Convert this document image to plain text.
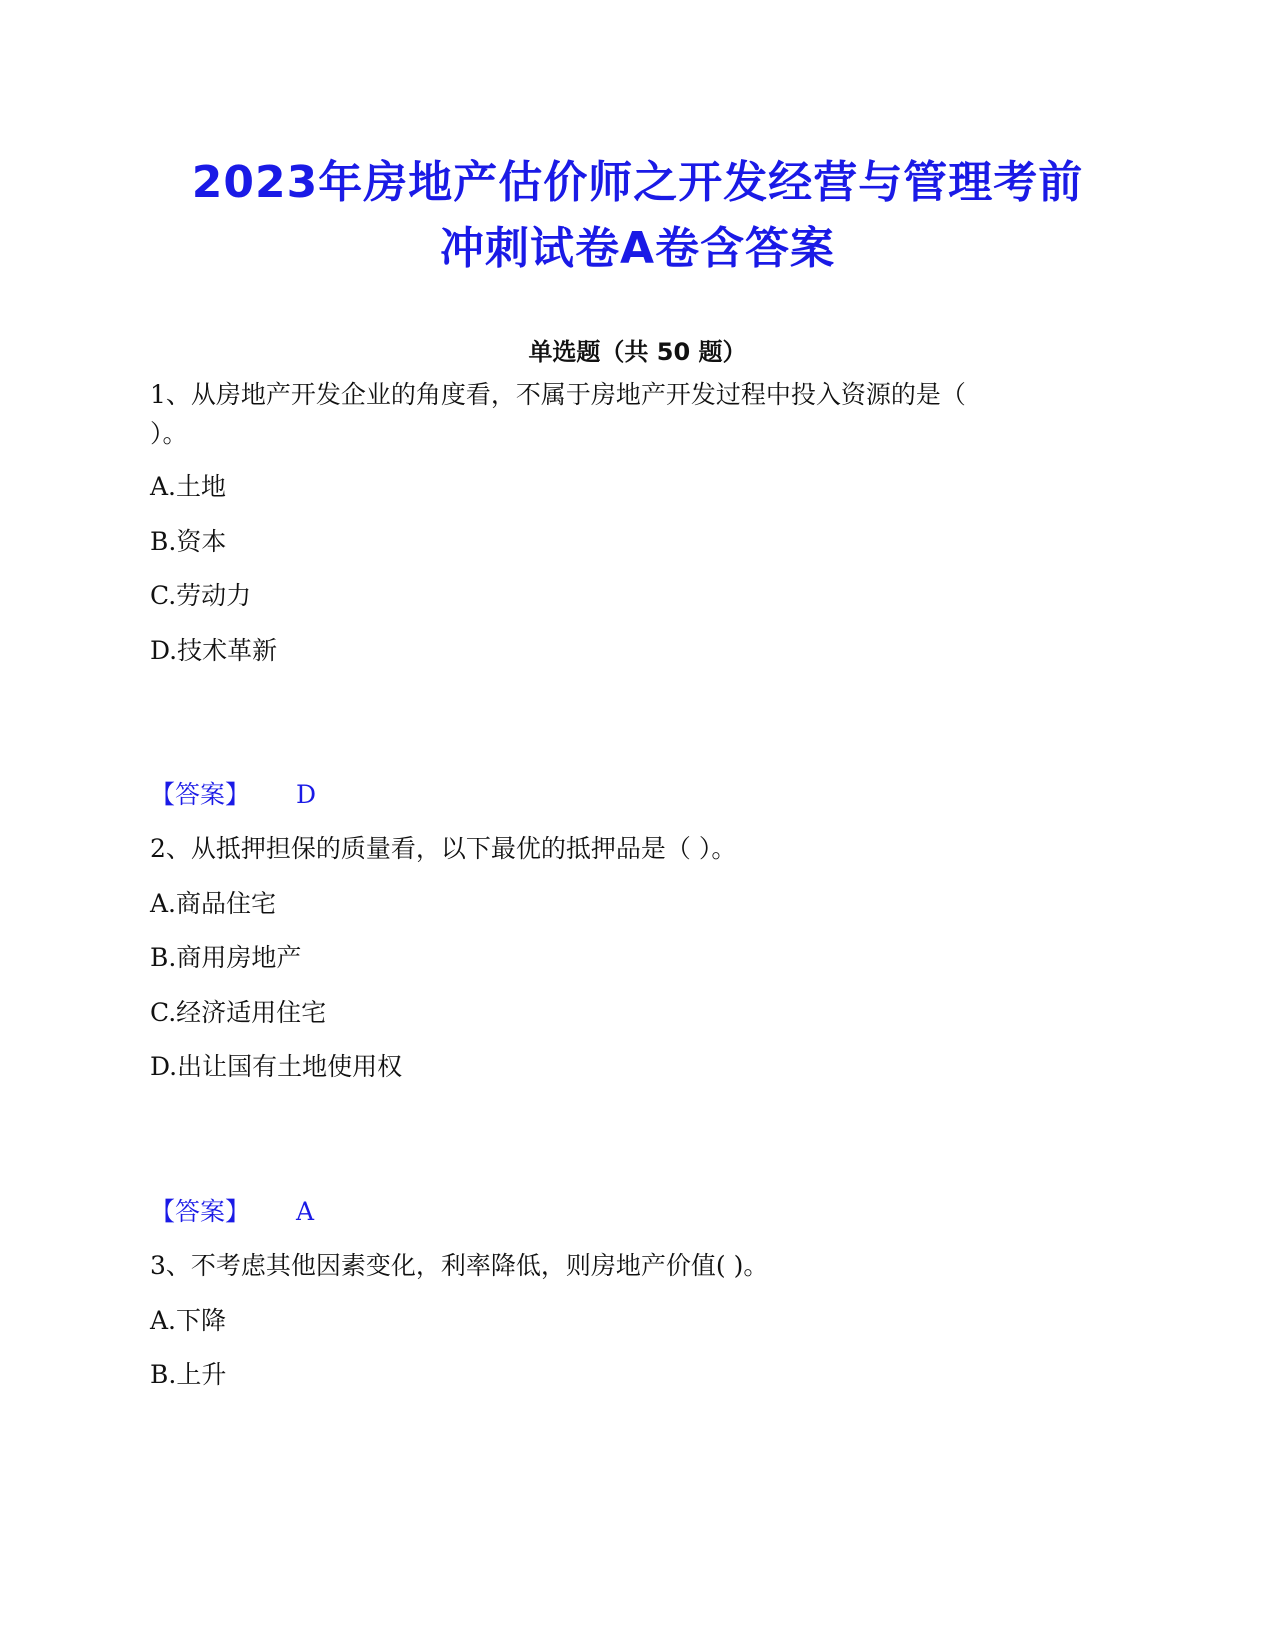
2023年房地产估价师之开发经营与管理考前
冲刺试卷A卷含答案
单选题（共 50 题）
1、从房地产开发企业的角度看，不属于房地产开发过程中投入资源的是（
）。
A.土地
B.资本
C.劳动力
D.技术革新
【答案】 D
2、从抵押担保的质量看，以下最优的抵押品是（ ）。
A.商品住宅
B.商用房地产
C.经济适用住宅
D.出让国有土地使用权
【答案】 A
3、不考虑其他因素变化，利率降低，则房地产价值( )。
A.下降
B.上升
